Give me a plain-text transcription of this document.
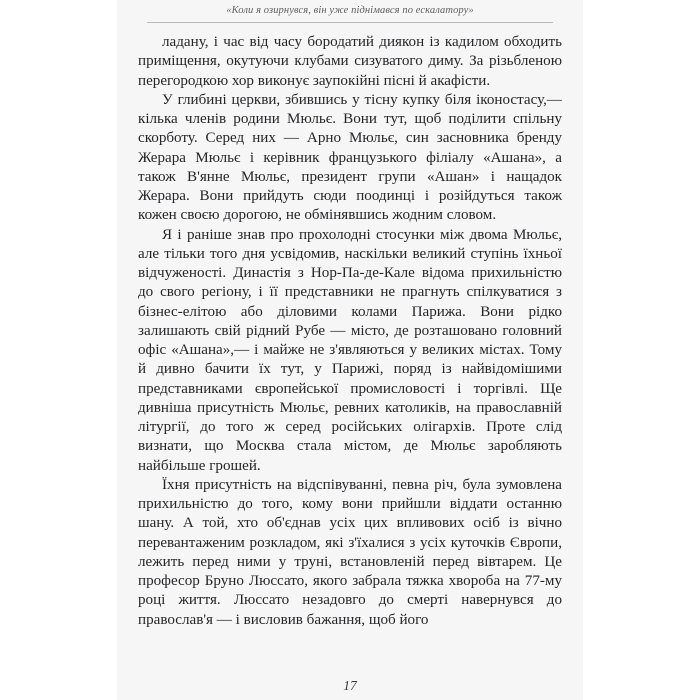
«Коли я озирнувся, він уже піднімався по ескалатору»

ладану, і час від часу бородатий диякон із кадилом обходить приміщення, окутуючи клубами сизуватого диму. За різьбленою перегородкою хор виконує заупокійні пісні й акафісти.

У глибині церкви, збившись у тісну купку біля іконостасу,— кілька членів родини Мюльє. Вони тут, щоб поділити спільну скорботу. Серед них — Арно Мюльє, син засновника бренду Жерара Мюльє і керівник французького філіалу «Ашана», а також В'янне Мюльє, президент групи «Ашан» і нащадок Жерара. Вони прийдуть сюди поодинці і розійдуться також кожен своєю дорогою, не обмінявшись жодним словом.

Я і раніше знав про прохолодні стосунки між двома Мюльє, але тільки того дня усвідомив, наскільки великий ступінь їхньої відчуженості. Династія з Нор-Па-де-Кале відома прихильністю до свого регіону, і її представники не прагнуть спілкуватися з бізнес-елітою або діловими колами Парижа. Вони рідко залишають свій рідний Рубе — місто, де розташовано головний офіс «Ашана»,— і майже не з'являються у великих містах. Тому й дивно бачити їх тут, у Парижі, поряд із найвідомішими представниками європейської промисловості і торгівлі. Ще дивніша присутність Мюльє, ревних католиків, на православній літургії, до того ж серед російських олігархів. Проте слід визнати, що Москва стала містом, де Мюльє заробляють найбільше грошей.

Їхня присутність на відспівуванні, певна річ, була зумовлена прихильністю до того, кому вони прийшли віддати останню шану. А той, хто об'єднав усіх цих впливових осіб із вічно перевантаженим розкладом, які з'їхалися з усіх куточків Європи, лежить перед ними у труні, встановленій перед вівтарем. Це професор Бруно Люссато, якого забрала тяжка хвороба на 77-му році життя. Люссато незадовго до смерті навернувся до православ'я — і висловив бажання, щоб його

17
